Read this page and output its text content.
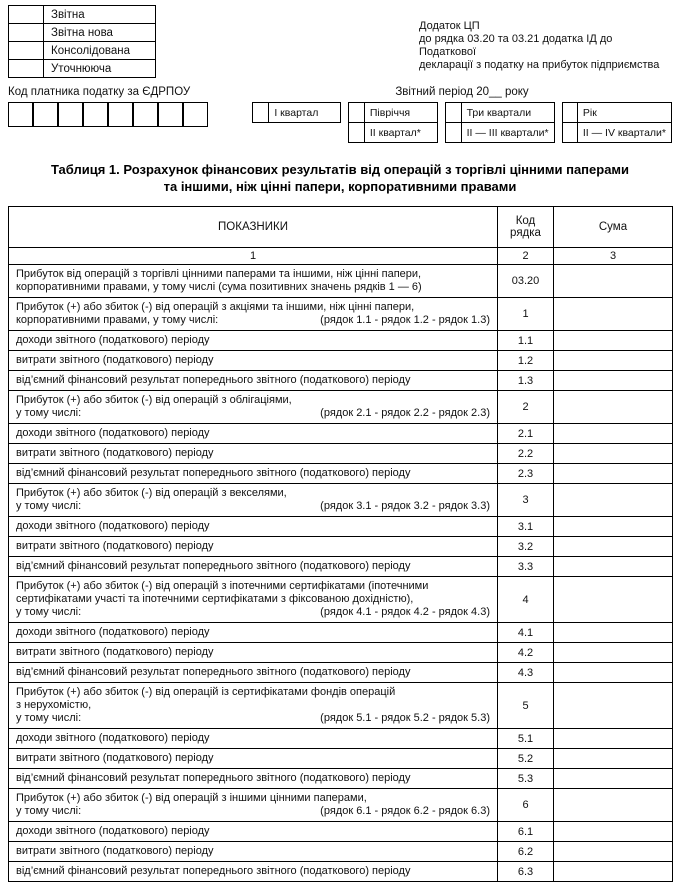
	Звітна
	Звітна нова
	Консолідована
	Уточнююча
Додаток ЦП
до рядка 03.20 та 03.21 додатка ІД до Податкової
декларації з податку на прибуток підприємства
Код платника податку за ЄДРПОУ
								Звітний період 20__ року
	І квартал

		Півріччя
	ІІ квартал*
	Три квартали
	ІІ — ІІІ квартали*
	Рік
	ІІ — ІV квартали*
Таблиця 1. Розрахунок фінансових результатів від операцій з торгівлі цінними паперами та іншими, ніж цінні папери, корпоративними правами
ПОКАЗНИКИ	Код рядка	Сума
1	2	3

Прибуток від операцій з торгівлі цінними паперами та іншими, ніж цінні папери, корпоративними правами, у тому числі (сума позитивних значень рядків 1 — 6)	03.20	

Прибуток (+) або збиток (-) від операцій з акціями та іншими, ніж цінні папери,
корпоративними правами, у тому числі: (рядок 1.1 - рядок 1.2 - рядок 1.3)	1	

доходи звітного (податкового) періоду	1.1	

витрати звітного (податкового) періоду	1.2	

від’ємний фінансовий результат попереднього звітного (податкового) періоду	1.3	

Прибуток (+) або збиток (-) від операцій з облігаціями,
у тому числі: (рядок 2.1 - рядок 2.2 - рядок 2.3)	2	

доходи звітного (податкового) періоду	2.1	

витрати звітного (податкового) періоду	2.2	

від’ємний фінансовий результат попереднього звітного (податкового) періоду	2.3	

Прибуток (+) або збиток (-) від операцій з векселями,
у тому числі: (рядок 3.1 - рядок 3.2 - рядок 3.3)	3	

доходи звітного (податкового) періоду	3.1	

витрати звітного (податкового) періоду	3.2	

від’ємний фінансовий результат попереднього звітного (податкового) періоду	3.3	

Прибуток (+) або збиток (-) від операцій з іпотечними сертифікатами (іпотечними
сертифікатами участі та іпотечними сертифікатами з фіксованою дохідністю),
у тому числі: (рядок 4.1 - рядок 4.2 - рядок 4.3)	4	

доходи звітного (податкового) періоду	4.1	

витрати звітного (податкового) періоду	4.2	

від’ємний фінансовий результат попереднього звітного (податкового) періоду	4.3	

Прибуток (+) або збиток (-) від операцій із сертифікатами фондів операцій
з нерухомістю,
у тому числі: (рядок 5.1 - рядок 5.2 - рядок 5.3)	5	

доходи звітного (податкового) періоду	5.1	

витрати звітного (податкового) періоду	5.2	

від’ємний фінансовий результат попереднього звітного (податкового) періоду	5.3	

Прибуток (+) або збиток (-) від операцій з іншими цінними паперами,
у тому числі: (рядок 6.1 - рядок 6.2 - рядок 6.3)	6	

доходи звітного (податкового) періоду	6.1	

витрати звітного (податкового) періоду	6.2	

від’ємний фінансовий результат попереднього звітного (податкового) періоду	6.3	
